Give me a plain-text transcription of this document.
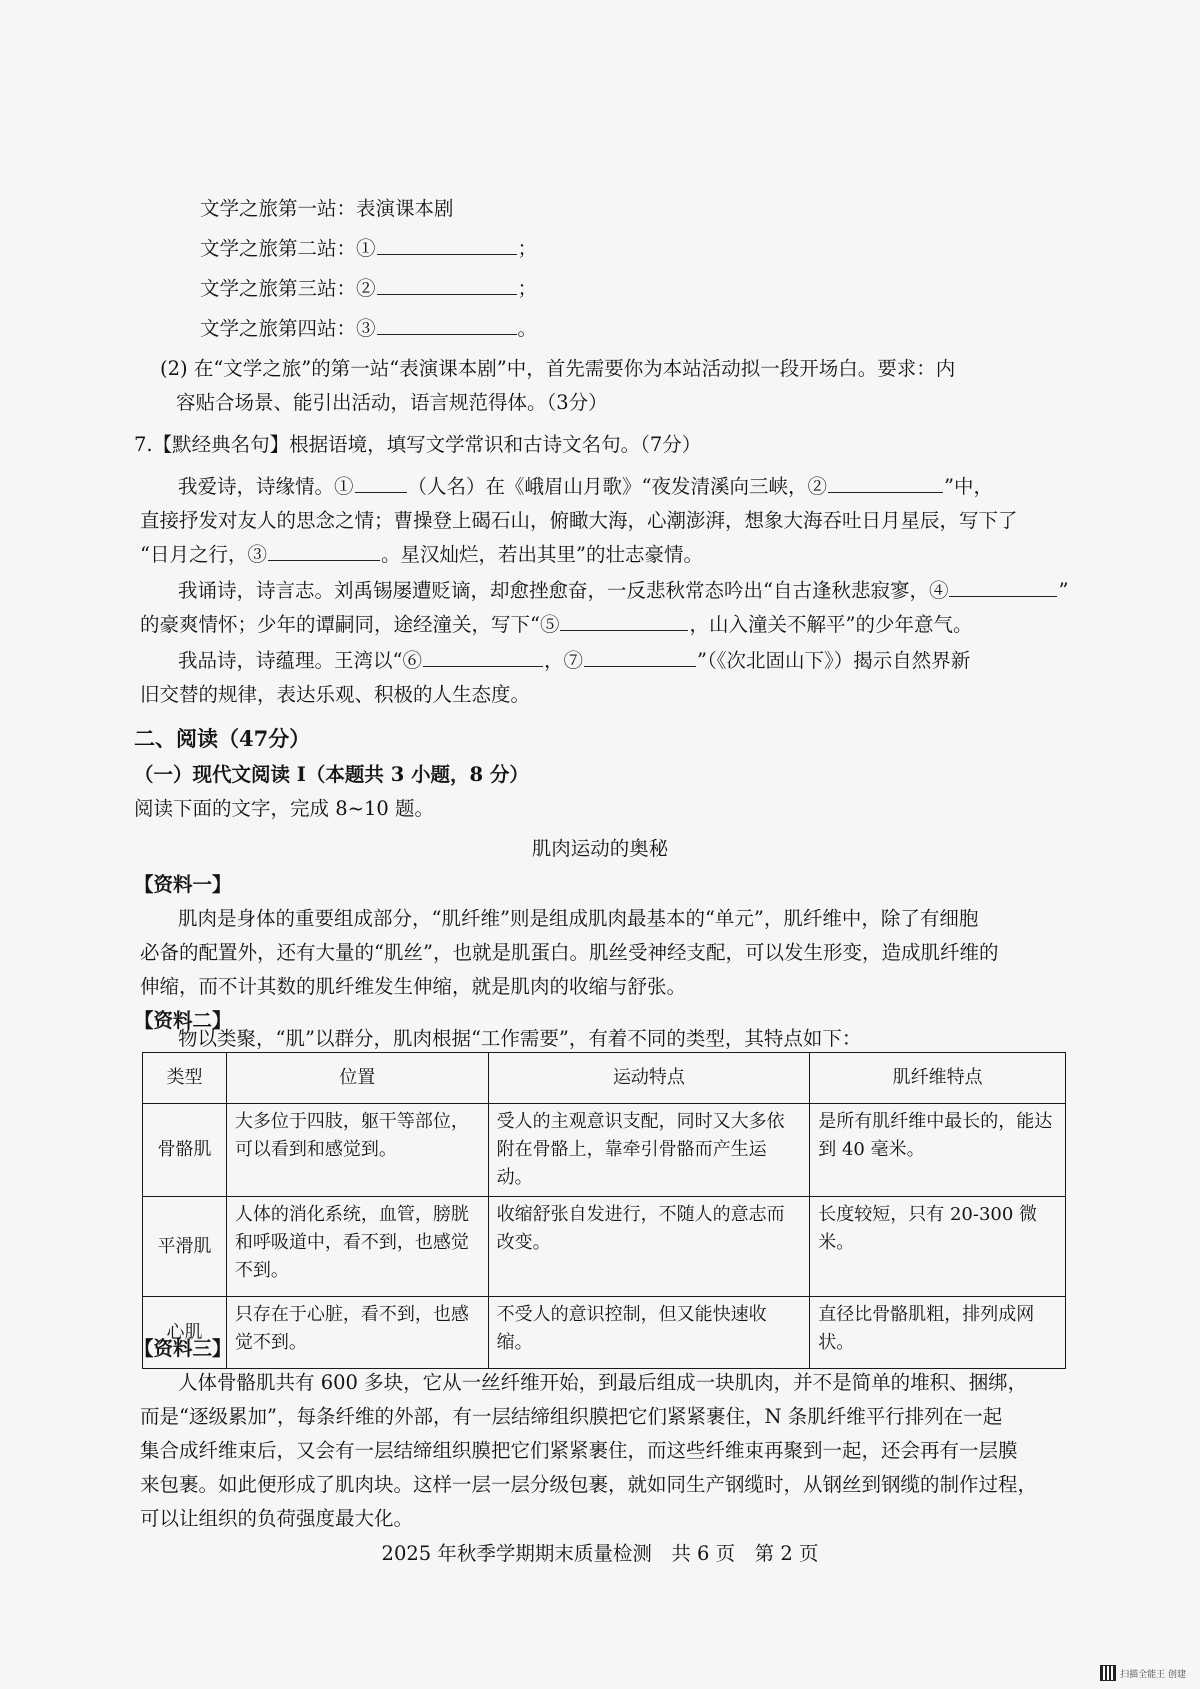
文学之旅第一站：表演课本剧
文学之旅第二站：①	；
文学之旅第三站：②	；
文学之旅第四站：③	。
(2) 在“文学之旅”的第一站“表演课本剧”中，首先需要你为本站活动拟一段开场白。要求：内
容贴合场景、能引出活动，语言规范得体。（3分）
7.【默经典名句】根据语境，填写文学常识和古诗文名句。（7分）
我爱诗，诗缘情。①	（人名）在《峨眉山月歌》“夜发清溪向三峡，②	”中，
直接抒发对友人的思念之情；曹操登上碣石山，俯瞰大海，心潮澎湃，想象大海吞吐日月星辰，写下了
“日月之行，③	。星汉灿烂，若出其里”的壮志豪情。
我诵诗，诗言志。刘禹锡屡遭贬谪，却愈挫愈奋，一反悲秋常态吟出“自古逢秋悲寂寥，④	”
的豪爽情怀；少年的谭嗣同，途经潼关，写下“⑤	，山入潼关不解平”的少年意气。
我品诗，诗蕴理。王湾以“⑥	，⑦	”（《次北固山下》）揭示自然界新
旧交替的规律，表达乐观、积极的人生态度。
二、阅读（47分）
（一）现代文阅读 I（本题共 3 小题，8 分）
阅读下面的文字，完成 8~10 题。
肌肉运动的奥秘
【资料一】
肌肉是身体的重要组成部分，“肌纤维”则是组成肌肉最基本的“单元”，肌纤维中，除了有细胞
必备的配置外，还有大量的“肌丝”，也就是肌蛋白。肌丝受神经支配，可以发生形变，造成肌纤维的
伸缩，而不计其数的肌纤维发生伸缩，就是肌肉的收缩与舒张。
【资料二】
物以类聚，“肌”以群分，肌肉根据“工作需要”，有着不同的类型，其特点如下：
类型	位置	运动特点	肌纤维特点
骨骼肌	大多位于四肢，躯干等部位，可以看到和感觉到。	受人的主观意识支配，同时又大多依附在骨骼上，靠牵引骨骼而产生运动。	是所有肌纤维中最长的，能达到 40 毫米。
平滑肌	人体的消化系统，血管，膀胱和呼吸道中，看不到，也感觉不到。	收缩舒张自发进行，不随人的意志而改变。	长度较短，只有 20-300 微米。
心肌	只存在于心脏，看不到，也感觉不到。	不受人的意识控制，但又能快速收缩。	直径比骨骼肌粗，排列成网状。
【资料三】
人体骨骼肌共有 600 多块，它从一丝纤维开始，到最后组成一块肌肉，并不是简单的堆积、捆绑，
而是“逐级累加”，每条纤维的外部，有一层结缔组织膜把它们紧紧裹住，N 条肌纤维平行排列在一起
集合成纤维束后，又会有一层结缔组织膜把它们紧紧裹住，而这些纤维束再聚到一起，还会再有一层膜
来包裹。如此便形成了肌肉块。这样一层一层分级包裹，就如同生产钢缆时，从钢丝到钢缆的制作过程，
可以让组织的负荷强度最大化。
2025 年秋季学期期末质量检测　共 6 页　第 2 页
扫描全能王 创建
